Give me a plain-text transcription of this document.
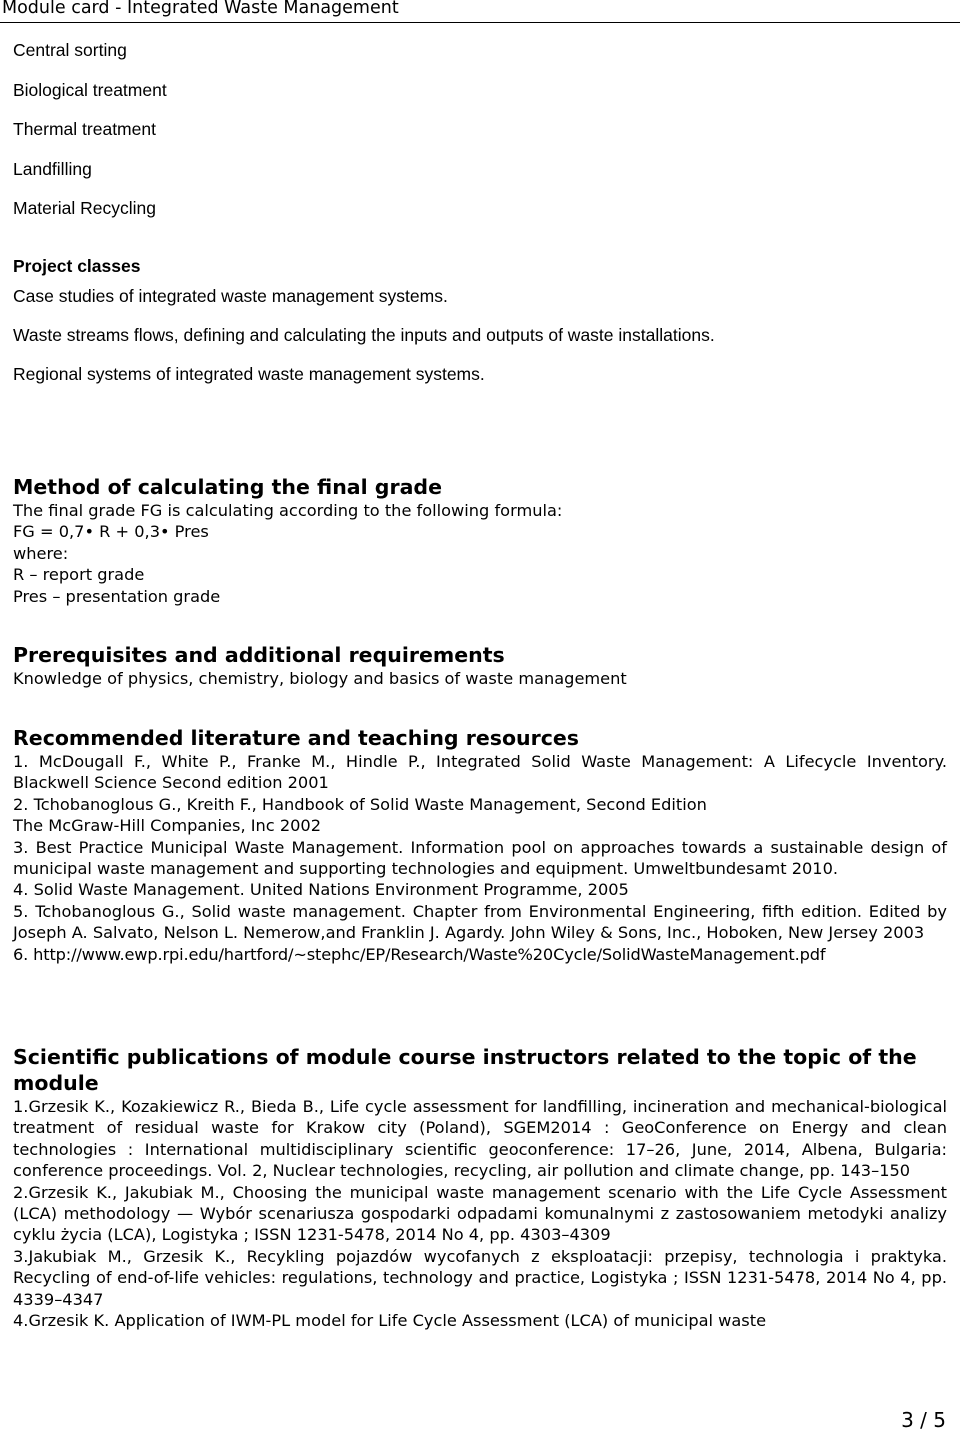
Module card - Integrated Waste Management
Central sorting
Biological treatment
Thermal treatment
Landfilling
Material Recycling
Project classes
Case studies of integrated waste management systems.
Waste streams flows, defining and calculating the inputs and outputs of waste installations.
Regional systems of integrated waste management systems.
Method of calculating the final grade
The final grade FG is calculating according to the following formula:
FG = 0,7• R + 0,3• Pres
where:
R – report grade
Pres – presentation grade
Prerequisites and additional requirements
Knowledge of physics, chemistry, biology and basics of waste management
Recommended literature and teaching resources

1. McDougall F., White P., Franke M., Hindle P., Integrated Solid Waste Management: A Lifecycle Inventory. Blackwell Science Second edition 2001

2. Tchobanoglous G., Kreith F., Handbook of Solid Waste Management, Second Edition

The McGraw-Hill Companies, Inc 2002

3. Best Practice Municipal Waste Management. Information pool on approaches towards a sustainable design of municipal waste management and supporting technologies and equipment. Umweltbundesamt 2010.

4. Solid Waste Management. United Nations Environment Programme, 2005

5. Tchobanoglous G., Solid waste management. Chapter from Environmental Engineering, fifth edition. Edited by Joseph A. Salvato, Nelson L. Nemerow,and Franklin J. Agardy. John Wiley & Sons, Inc., Hoboken, New Jersey 2003

6. http://www.ewp.rpi.edu/hartford/~stephc/EP/Research/Waste%20Cycle/SolidWasteManagement.pdf

Scientific publications of module course instructors related to the topic of the module

1.Grzesik K., Kozakiewicz R., Bieda B., Life cycle assessment for landfilling, incineration and mechanical-biological treatment of residual waste for Krakow city (Poland), SGEM2014 : GeoConference on Energy and clean technologies : International multidisciplinary scientific geoconference: 17–26, June, 2014, Albena, Bulgaria: conference proceedings. Vol. 2, Nuclear technologies, recycling, air pollution and climate change, pp. 143–150

2.Grzesik K., Jakubiak M., Choosing the municipal waste management scenario with the Life Cycle Assessment (LCA) methodology — Wybór scenariusza gospodarki odpadami komunalnymi z zastosowaniem metodyki analizy cyklu życia (LCA), Logistyka ; ISSN 1231-5478, 2014 No 4, pp. 4303–4309

3.Jakubiak M., Grzesik K., Recykling pojazdów wycofanych z eksploatacji: przepisy, technologia i praktyka. Recycling of end-of-life vehicles: regulations, technology and practice, Logistyka ; ISSN 1231-5478, 2014 No 4, pp. 4339–4347

4.Grzesik K. Application of IWM-PL model for Life Cycle Assessment (LCA) of municipal waste

3 / 5
